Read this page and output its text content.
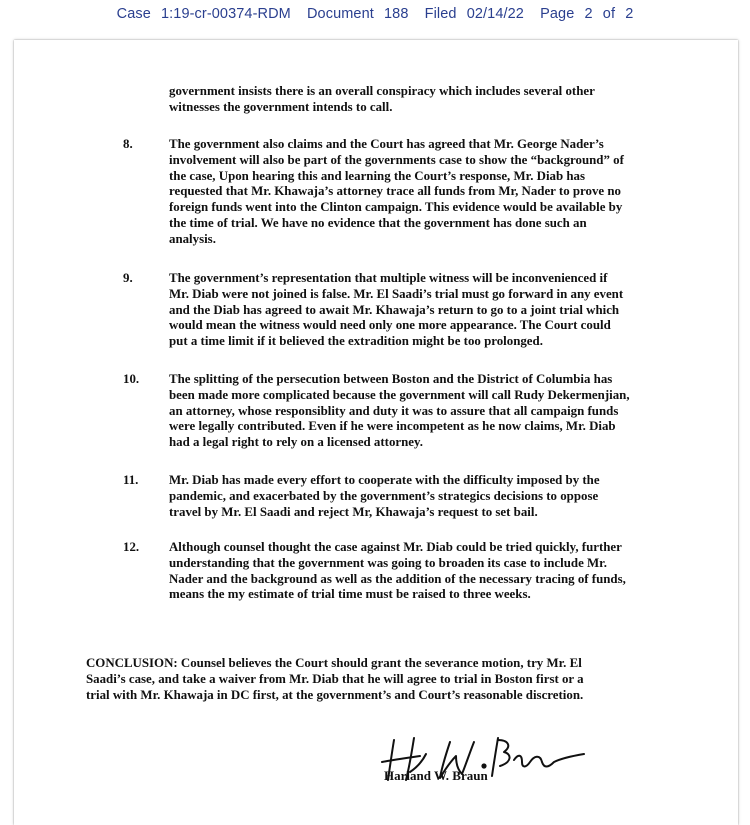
Case 1:19-cr-00374-RDM Document 188 Filed 02/14/22 Page 2 of 2
government insists there is an overall conspiracy which includes several other
witnesses the government intends to call.
8.	The government also claims and the Court has agreed that Mr. George Nader’s
involvement will also be part of the governments case to show the “background” of
the case, Upon hearing this and learning the Court’s response, Mr. Diab has
requested that Mr. Khawaja’s attorney trace all funds from Mr, Nader to prove no
foreign funds went into the Clinton campaign. This evidence would be available by
the time of trial. We have no evidence that the government has done such an
analysis.
9.	The government’s representation that multiple witness will be inconvenienced if
Mr. Diab were not joined is false. Mr. El Saadi’s trial must go forward in any event
and the Diab has agreed to await Mr. Khawaja’s return to go to a joint trial which
would mean the witness would need only one more appearance. The Court could
put a time limit if it believed the extradition might be too prolonged.
10.	The splitting of the persecution between Boston and the District of Columbia has
been made more complicated because the government will call Rudy Dekermenjian,
an attorney, whose responsiblity and duty it was to assure that all campaign funds
were legally contributed. Even if he were incompetent as he now claims, Mr. Diab
had a legal right to rely on a licensed attorney.
11.	Mr. Diab has made every effort to cooperate with the difficulty imposed by the
pandemic, and exacerbated by the government’s strategics decisions to oppose
travel by Mr. El Saadi and reject Mr, Khawaja’s request to set bail.
12.	Although counsel thought the case against Mr. Diab could be tried quickly, further
understanding that the government was going to broaden its case to include Mr.
Nader and the background as well as the addition of the necessary tracing of funds,
means the my estimate of trial time must be raised to three weeks.
CONCLUSION: Counsel believes the Court should grant the severance motion, try Mr. El
Saadi’s case, and take a waiver from Mr. Diab that he will agree to trial in Boston first or a
trial with Mr. Khawaja in DC first, at the government’s and Court’s reasonable discretion.
Harland W. Braun
